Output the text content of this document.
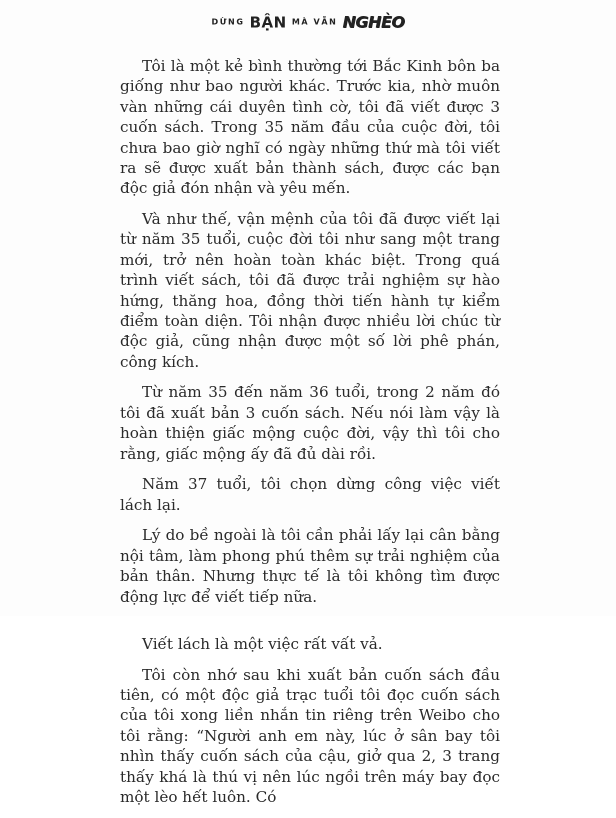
DỪNG BẬN MÀ VẪN NGHÈO

Tôi là một kẻ bình thường tới Bắc Kinh bôn ba giống như bao người khác. Trước kia, nhờ muôn vàn những cái duyên tình cờ, tôi đã viết được 3 cuốn sách. Trong 35 năm đầu của cuộc đời, tôi chưa bao giờ nghĩ có ngày những thứ mà tôi viết ra sẽ được xuất bản thành sách, được các bạn độc giả đón nhận và yêu mến.

Và như thế, vận mệnh của tôi đã được viết lại từ năm 35 tuổi, cuộc đời tôi như sang một trang mới, trở nên hoàn toàn khác biệt. Trong quá trình viết sách, tôi đã được trải nghiệm sự hào hứng, thăng hoa, đồng thời tiến hành tự kiểm điểm toàn diện. Tôi nhận được nhiều lời chúc từ độc giả, cũng nhận được một số lời phê phán, công kích.

Từ năm 35 đến năm 36 tuổi, trong 2 năm đó tôi đã xuất bản 3 cuốn sách. Nếu nói làm vậy là hoàn thiện giấc mộng cuộc đời, vậy thì tôi cho rằng, giấc mộng ấy đã đủ dài rồi.

Năm 37 tuổi, tôi chọn dừng công việc viết lách lại.

Lý do bề ngoài là tôi cần phải lấy lại cân bằng nội tâm, làm phong phú thêm sự trải nghiệm của bản thân. Nhưng thực tế là tôi không tìm được động lực để viết tiếp nữa.

Viết lách là một việc rất vất vả.

Tôi còn nhớ sau khi xuất bản cuốn sách đầu tiên, có một độc giả trạc tuổi tôi đọc cuốn sách của tôi xong liền nhắn tin riêng trên Weibo cho tôi rằng: “Người anh em này, lúc ở sân bay tôi nhìn thấy cuốn sách của cậu, giở qua 2, 3 trang thấy khá là thú vị nên lúc ngồi trên máy bay đọc một lèo hết luôn. Có
